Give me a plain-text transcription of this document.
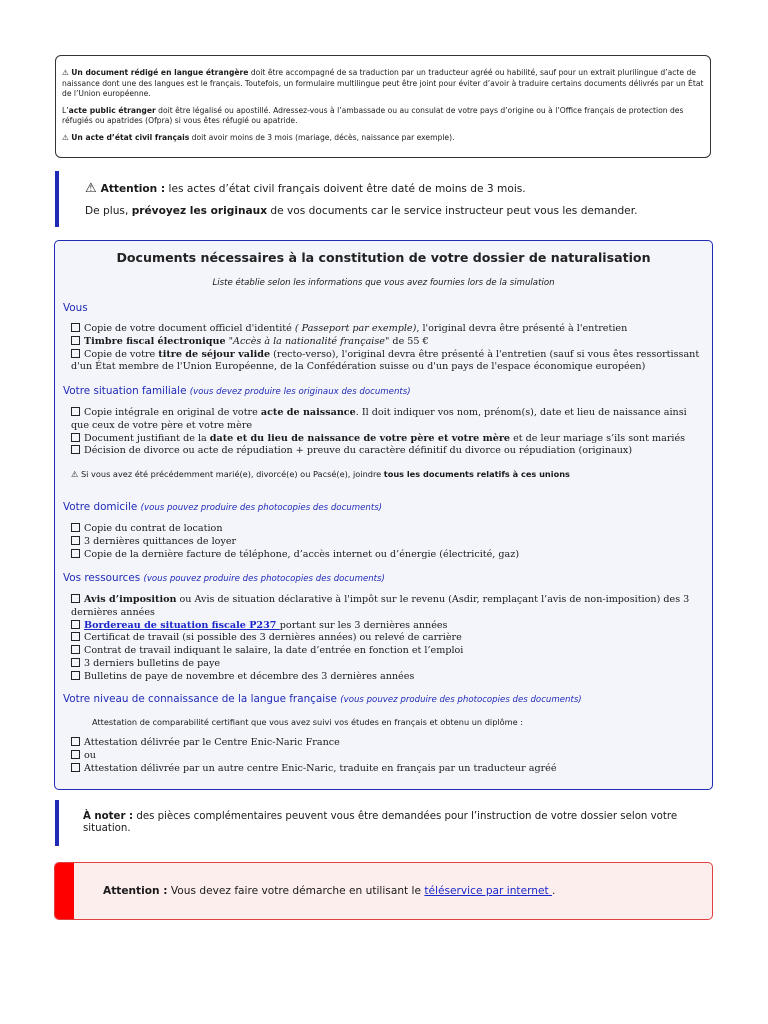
⚠ Un document rédigé en langue étrangère doit être accompagné de sa traduction par un traducteur agréé ou habilité, sauf pour un extrait plurilingue d’acte de naissance dont une des langues est le français. Toutefois, un formulaire multilingue peut être joint pour éviter d’avoir à traduire certains documents délivrés par un État de l’Union européenne.

L’acte public étranger doit être légalisé ou apostillé. Adressez-vous à l’ambassade ou au consulat de votre pays d’origine ou à l’Office français de protection des réfugiés ou apatrides (Ofpra) si vous êtes réfugié ou apatride.

⚠ Un acte d’état civil français doit avoir moins de 3 mois (mariage, décès, naissance par exemple).

⚠ Attention : les actes d’état civil français doivent être daté de moins de 3 mois.
De plus, prévoyez les originaux de vos documents car le service instructeur peut vous les demander.
Documents nécessaires à la constitution de votre dossier de naturalisation
Liste établie selon les informations que vous avez fournies lors de la simulation
Vous
Copie de votre document officiel d'identité ( Passeport par exemple), l'original devra être présenté à l'entretien
Timbre fiscal électronique "Accès à la nationalité française" de 55 €
Copie de votre titre de séjour valide (recto-verso), l'original devra être présenté à l'entretien (sauf si vous êtes ressortissant d'un État membre de l'Union Européenne, de la Confédération suisse ou d'un pays de l'espace économique européen)
Votre situation familiale (vous devez produire les originaux des documents)
Copie intégrale en original de votre acte de naissance. Il doit indiquer vos nom, prénom(s), date et lieu de naissance ainsi que ceux de votre père et votre mère
Document justifiant de la date et du lieu de naissance de votre père et votre mère et de leur mariage s’ils sont mariés
Décision de divorce ou acte de répudiation + preuve du caractère définitif du divorce ou répudiation (originaux)
⚠ Si vous avez été précédemment marié(e), divorcé(e) ou Pacsé(e), joindre tous les documents relatifs à ces unions
Votre domicile (vous pouvez produire des photocopies des documents)
Copie du contrat de location
3 dernières quittances de loyer
Copie de la dernière facture de téléphone, d’accès internet ou d’énergie (électricité, gaz)
Vos ressources (vous pouvez produire des photocopies des documents)
Avis d’imposition ou Avis de situation déclarative à l'impôt sur le revenu (Asdir, remplaçant l’avis de non-imposition) des 3 dernières années
Bordereau de situation fiscale P237 portant sur les 3 dernières années
Certificat de travail (si possible des 3 dernières années) ou relevé de carrière
Contrat de travail indiquant le salaire, la date d’entrée en fonction et l’emploi
3 derniers bulletins de paye
Bulletins de paye de novembre et décembre des 3 dernières années
Votre niveau de connaissance de la langue française (vous pouvez produire des photocopies des documents)
Attestation de comparabilité certifiant que vous avez suivi vos études en français et obtenu un diplôme :
Attestation délivrée par le Centre Enic-Naric France
ou
Attestation délivrée par un autre centre Enic-Naric, traduite en français par un traducteur agréé
À noter : des pièces complémentaires peuvent vous être demandées pour l’instruction de votre dossier selon votre situation.
Attention : Vous devez faire votre démarche en utilisant le téléservice par internet .
